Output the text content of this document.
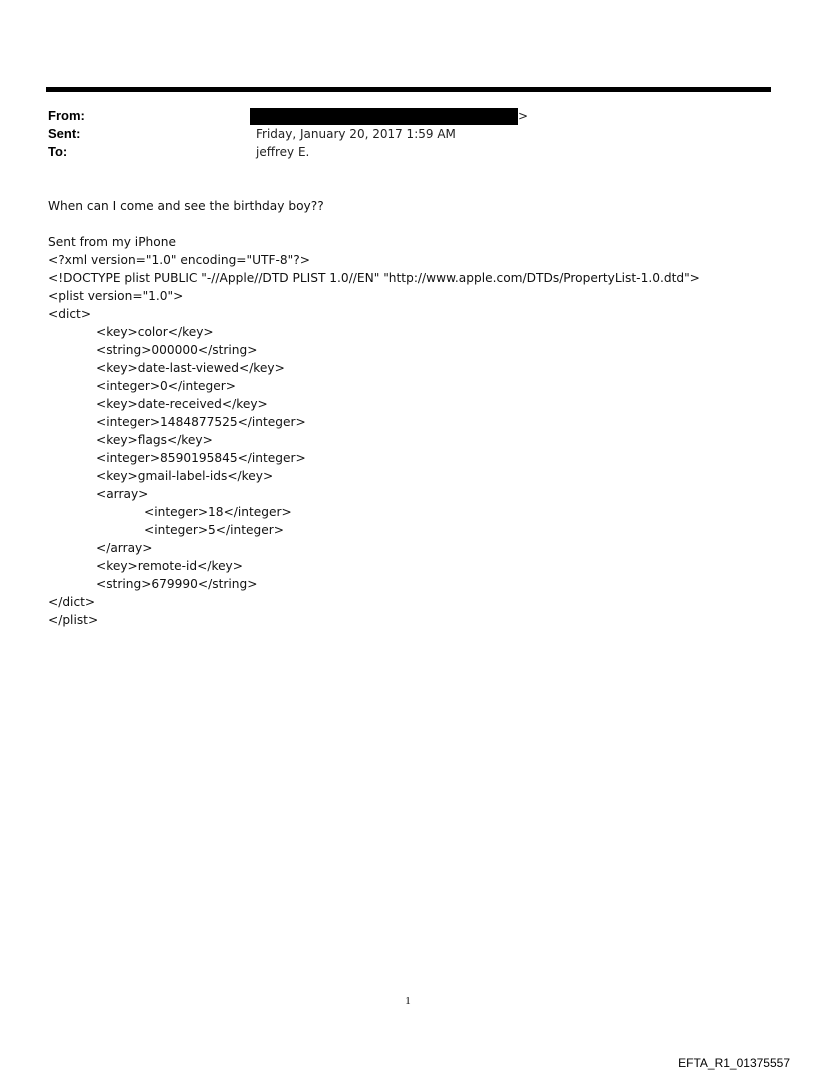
From:	>
Sent:	Friday, January 20, 2017 1:59 AM
To:	jeffrey E.
When can I come and see the birthday boy??
Sent from my iPhone
<?xml version="1.0" encoding="UTF-8"?>
<!DOCTYPE plist PUBLIC "-//Apple//DTD PLIST 1.0//EN" "http://www.apple.com/DTDs/PropertyList-1.0.dtd">
<plist version="1.0">
<dict>
<key>color</key>
<string>000000</string>
<key>date-last-viewed</key>
<integer>0</integer>
<key>date-received</key>
<integer>1484877525</integer>
<key>flags</key>
<integer>8590195845</integer>
<key>gmail-label-ids</key>
<array>
<integer>18</integer>
<integer>5</integer>
</array>
<key>remote-id</key>
<string>679990</string>
</dict>
</plist>
1
EFTA_R1_01375557
